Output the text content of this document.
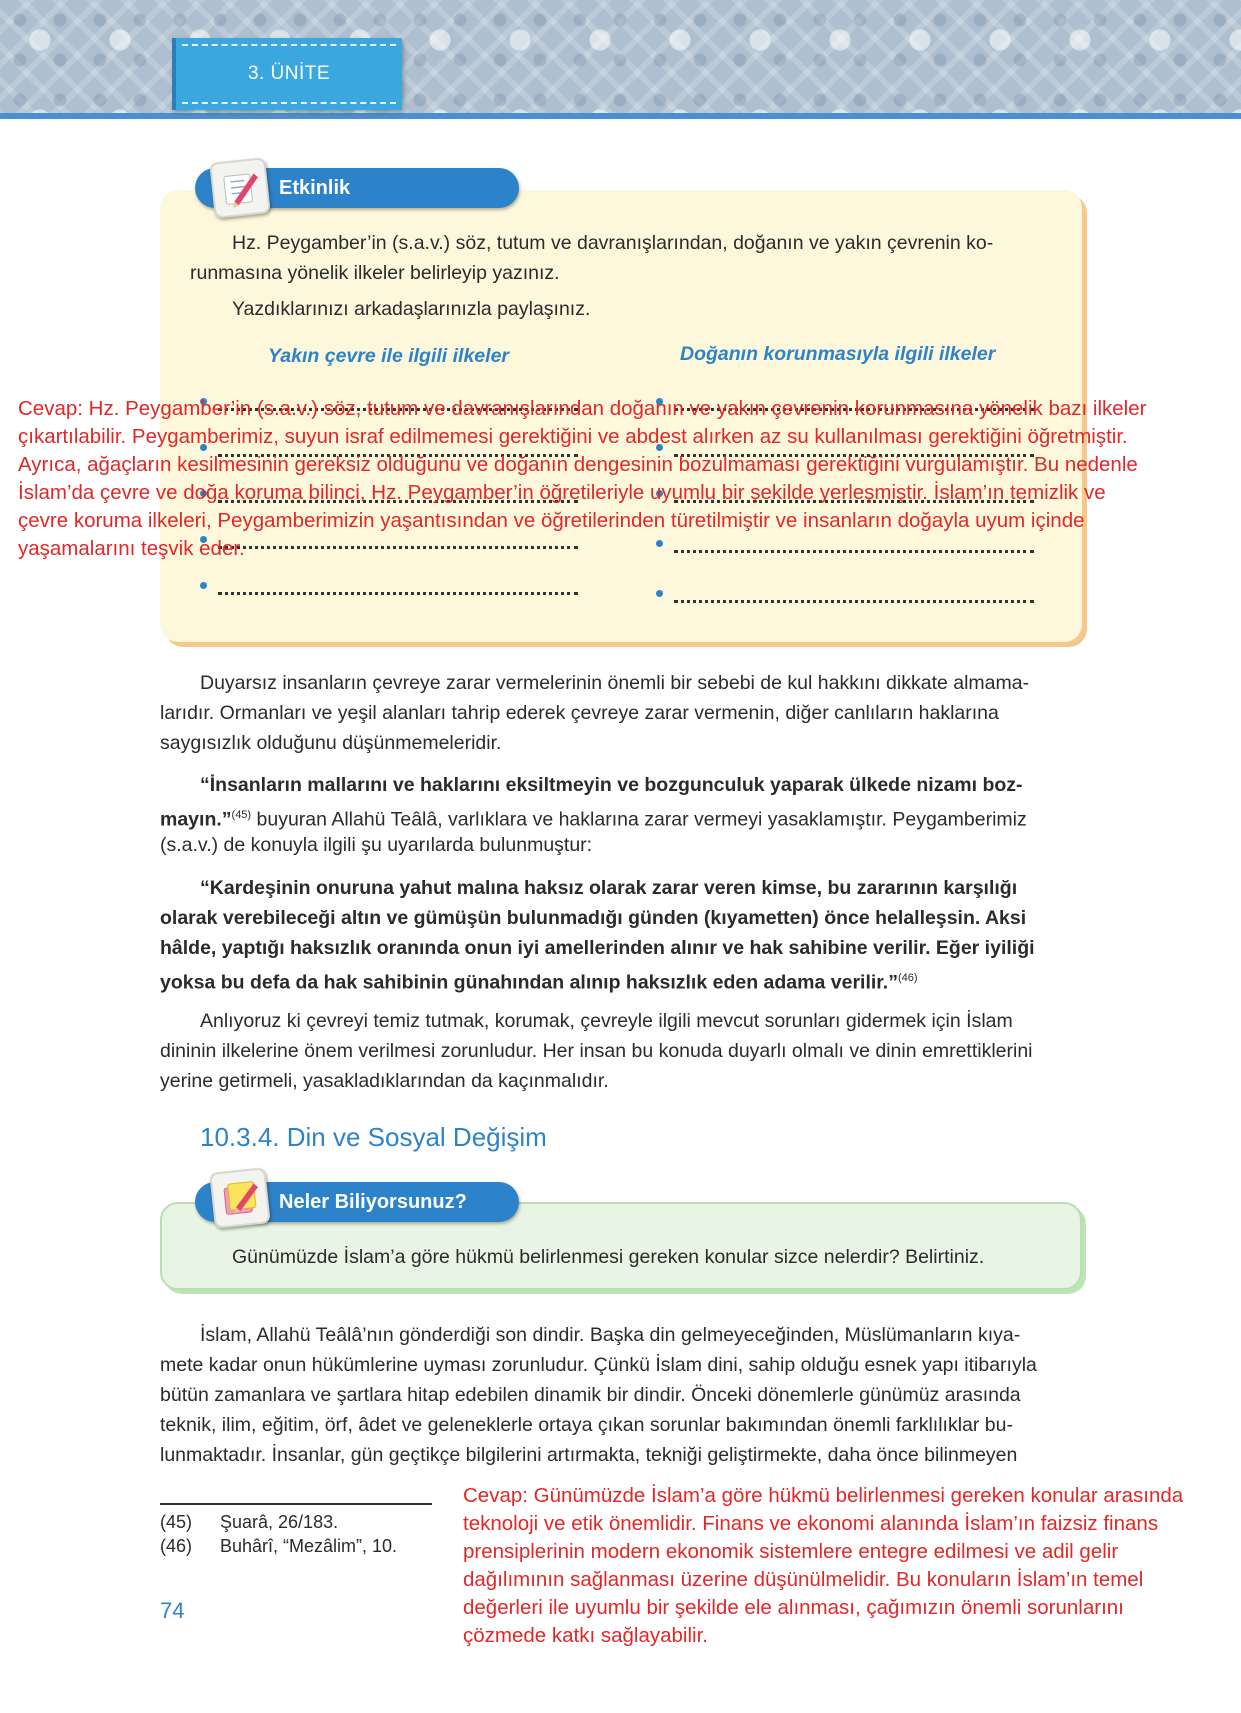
3. ÜNİTE
Etkinlik
Hz. Peygamber’in (s.a.v.) söz, tutum ve davranışlarından, doğanın ve yakın çevrenin ko-
runmasına yönelik ilkeler belirleyip yazınız.
Yazdıklarınızı arkadaşlarınızla paylaşınız.
Yakın çevre ile ilgili ilkeler	Doğanın korunmasıyla ilgili ilkeler
Cevap: Hz. Peygamber’in (s.a.v.) söz, tutum ve davranışlarından doğanın ve yakın çevrenin korunmasına yönelik bazı ilkeler
çıkartılabilir. Peygamberimiz, suyun israf edilmemesi gerektiğini ve abdest alırken az su kullanılması gerektiğini öğretmiştir.
Ayrıca, ağaçların kesilmesinin gereksiz olduğunu ve doğanın dengesinin bozulmaması gerektiğini vurgulamıştır. Bu nedenle
İslam’da çevre ve doğa koruma bilinci, Hz. Peygamber’in öğretileriyle uyumlu bir şekilde yerleşmiştir. İslam’ın temizlik ve
çevre koruma ilkeleri, Peygamberimizin yaşantısından ve öğretilerinden türetilmiştir ve insanların doğayla uyum içinde
yaşamalarını teşvik eder.
Duyarsız insanların çevreye zarar vermelerinin önemli bir sebebi de kul hakkını dikkate almama-
larıdır. Ormanları ve yeşil alanları tahrip ederek çevreye zarar vermenin, diğer canlıların haklarına
saygısızlık olduğunu düşünmemeleridir.
“İnsanların mallarını ve haklarını eksiltmeyin ve bozgunculuk yaparak ülkede nizamı boz-
mayın.”$^{(45)}$ buyuran Allahü Teâlâ, varlıklara ve haklarına zarar vermeyi yasaklamıştır. Peygamberimiz
(s.a.v.) de konuyla ilgili şu uyarılarda bulunmuştur:
“Kardeşinin onuruna yahut malına haksız olarak zarar veren kimse, bu zararının karşılığı
olarak verebileceği altın ve gümüşün bulunmadığı günden (kıyametten) önce helalleşsin. Aksi
hâlde, yaptığı haksızlık oranında onun iyi amellerinden alınır ve hak sahibine verilir. Eğer iyiliği
yoksa bu defa da hak sahibinin günahından alınıp haksızlık eden adama verilir.”$^{(46)}$
Anlıyoruz ki çevreyi temiz tutmak, korumak, çevreyle ilgili mevcut sorunları gidermek için İslam
dininin ilkelerine önem verilmesi zorunludur. Her insan bu konuda duyarlı olmalı ve dinin emrettiklerini
yerine getirmeli, yasakladıklarından da kaçınmalıdır.
10.3.4. Din ve Sosyal Değişim
Neler Biliyorsunuz?
Günümüzde İslam’a göre hükmü belirlenmesi gereken konular sizce nelerdir? Belirtiniz.
İslam, Allahü Teâlâ’nın gönderdiği son dindir. Başka din gelmeyeceğinden, Müslümanların kıya-
mete kadar onun hükümlerine uyması zorunludur. Çünkü İslam dini, sahip olduğu esnek yapı itibarıyla
bütün zamanlara ve şartlara hitap edebilen dinamik bir dindir. Önceki dönemlerle günümüz arasında
teknik, ilim, eğitim, örf, âdet ve geleneklerle ortaya çıkan sorunlar bakımından önemli farklılıklar bu-
lunmaktadır. İnsanlar, gün geçtikçe bilgilerini artırmakta, tekniği geliştirmekte, daha önce bilinmeyen
(45) Şuarâ, 26/183.
(46) Buhârî, “Mezâlim”, 10.
74
Cevap: Günümüzde İslam’a göre hükmü belirlenmesi gereken konular arasında
teknoloji ve etik önemlidir. Finans ve ekonomi alanında İslam’ın faizsiz finans
prensiplerinin modern ekonomik sistemlere entegre edilmesi ve adil gelir
dağılımının sağlanması üzerine düşünülmelidir. Bu konuların İslam’ın temel
değerleri ile uyumlu bir şekilde ele alınması, çağımızın önemli sorunlarını
çözmede katkı sağlayabilir.
